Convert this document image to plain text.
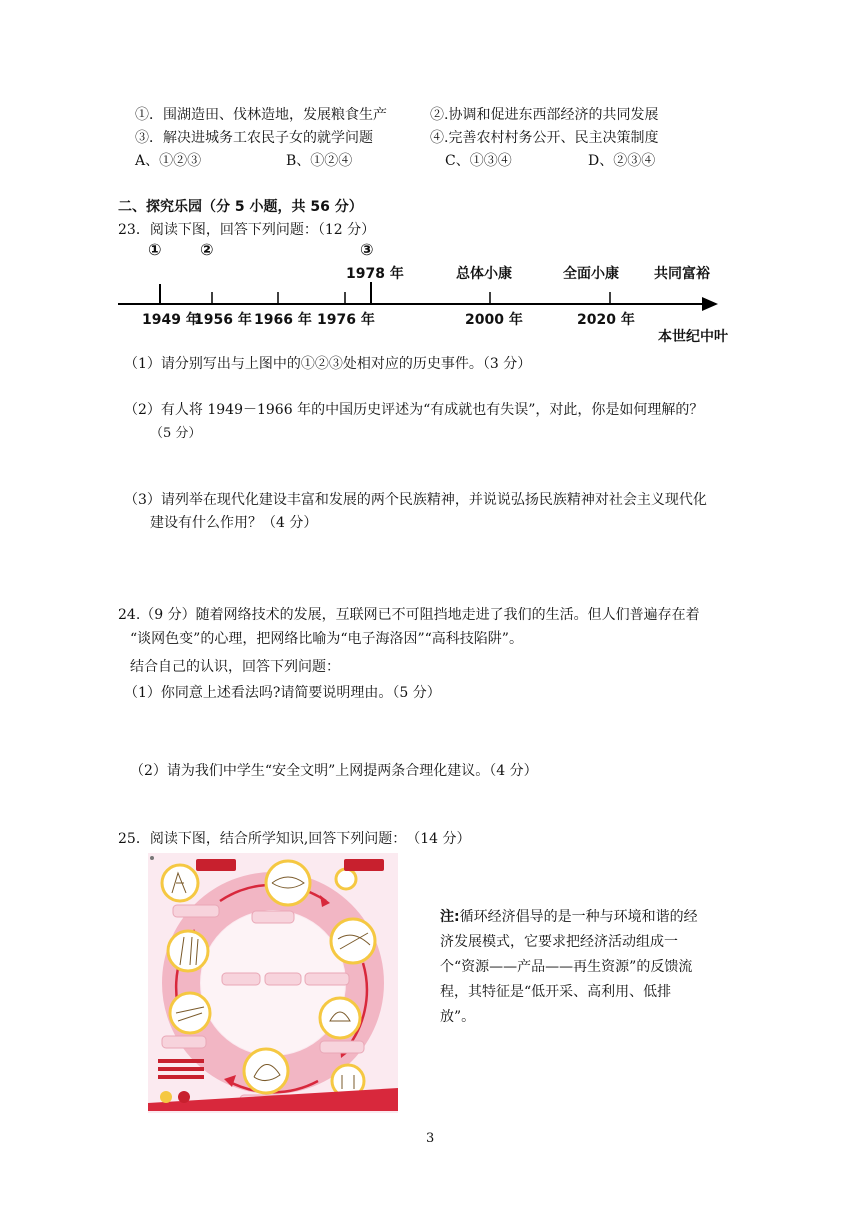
①．围湖造田、伐林造地，发展粮食生产	②.协调和促进东西部经济的共同发展
③．解决进城务工农民子女的就学问题	④.完善农村村务公开、民主决策制度
A、①②③	B、①②④	C、①③④	D、②③④
二、探究乐园（分 5 小题，共 56 分）
23．阅读下图，回答下列问题：（12 分）
① ②	③
1978 年	总体小康	全面小康	共同富裕
1949 年
1956 年 1966 年 1976 年	2000 年	2020 年
本世纪中叶
（1）请分别写出与上图中的①②③处相对应的历史事件。（3 分）
（2）有人将 1949－1966 年的中国历史评述为“有成就也有失误”，对此，你是如何理解的？
（5 分）
（3）请列举在现代化建设丰富和发展的两个民族精神，并说说弘扬民族精神对社会主义现代化
建设有什么作用？（4 分）
24.（9 分）随着网络技术的发展，互联网已不可阻挡地走进了我们的生活。但人们普遍存在着
“谈网色变”的心理，把网络比喻为“电子海洛因”“高科技陷阱”。
结合自己的认识，回答下列问题：
（1）你同意上述看法吗?请简要说明理由。（5 分）
（2）请为我们中学生“安全文明”上网提两条合理化建议。（4 分）
25．阅读下图，结合所学知识,回答下列问题：　（14 分）
注:循环经济倡导的是一种与环境和谐的经济发展模式，它要求把经济活动组成一个“资源——产品——再生资源”的反馈流程，其特征是“低开采、高利用、低排放”。
3
